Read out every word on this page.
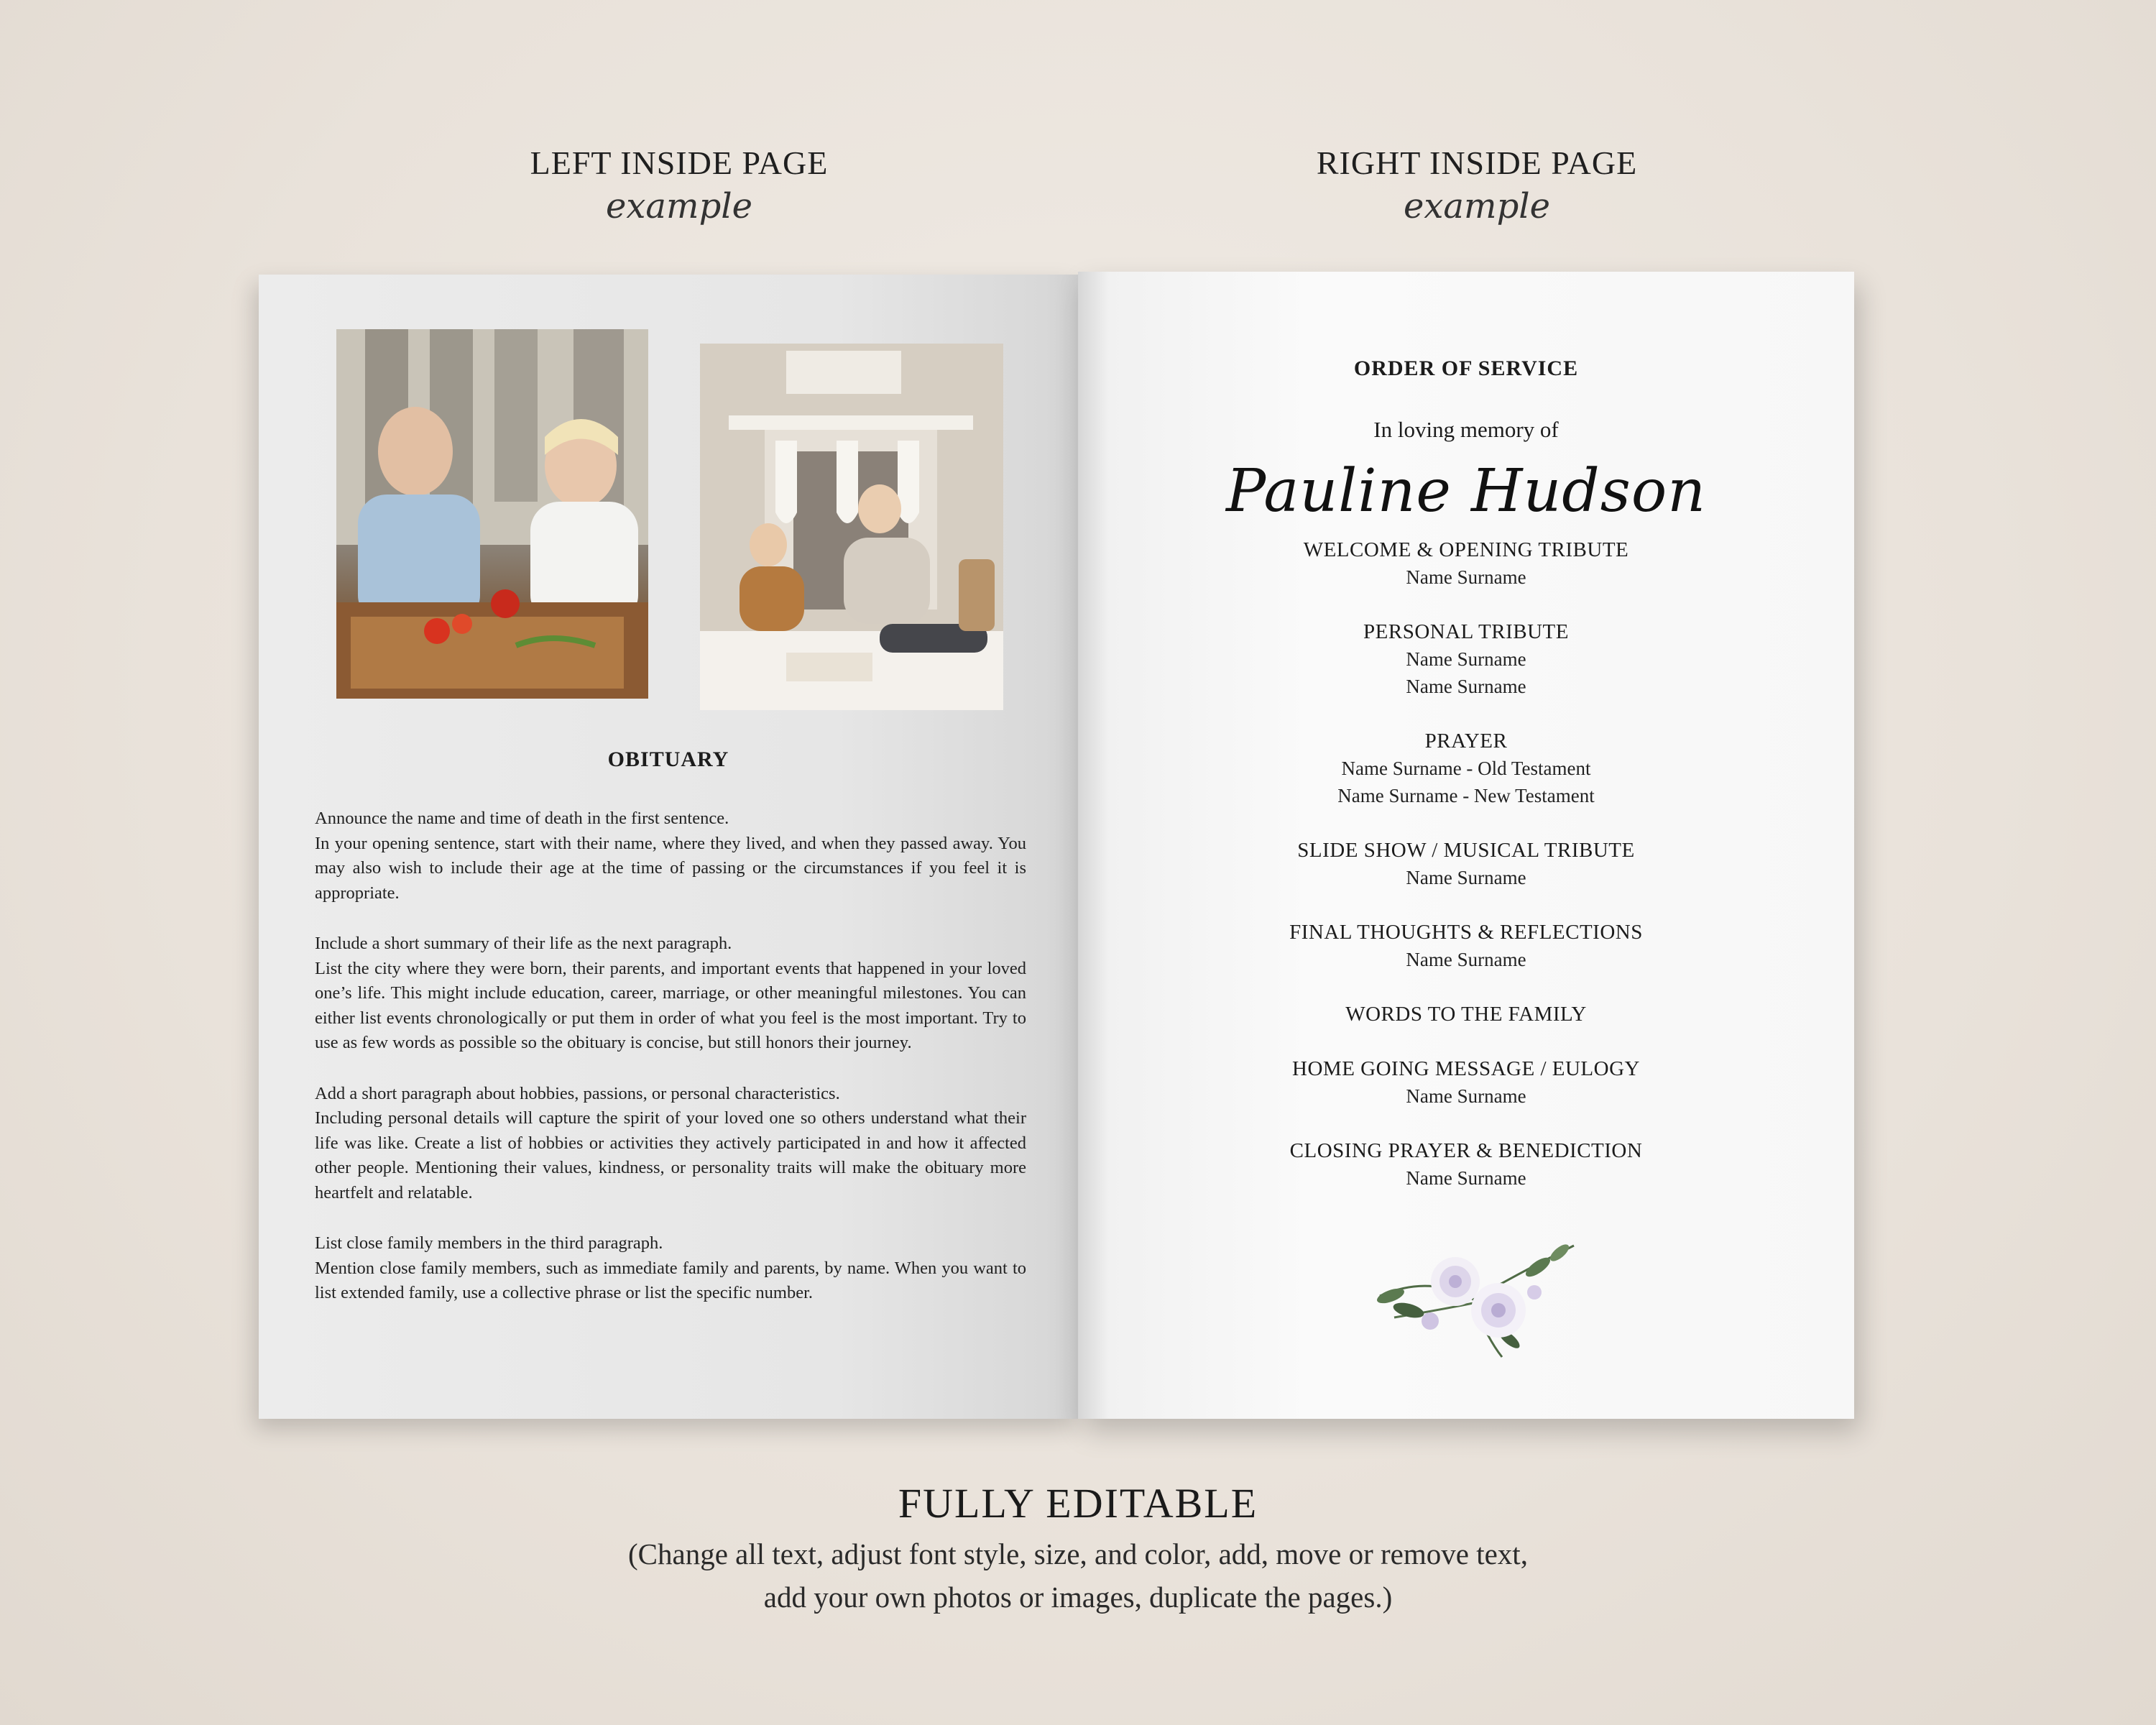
LEFT INSIDE PAGE
example
RIGHT INSIDE PAGE
example
OBITUARY

Announce the name and time of death in the first sentence.
In your opening sentence, start with their name, where they lived, and when they passed away. You may also wish to include their age at the time of passing or the circumstances if you feel it is appropriate.

Include a short summary of their life as the next paragraph.
List the city where they were born, their parents, and important events that happened in your loved one’s life. This might include education, career, marriage, or other meaningful milestones. You can either list events chronologically or put them in order of what you feel is the most important. Try to use as few words as possible so the obituary is concise, but still honors their journey.

Add a short paragraph about hobbies, passions, or personal characteristics.
Including personal details will capture the spirit of your loved one so others understand what their life was like. Create a list of hobbies or activities they actively participated in and how it affected other people. Mentioning their values, kindness, or personality traits will make the obituary more heartfelt and relatable.

List close family members in the third paragraph.
Mention close family members, such as immediate family and parents, by name. When you want to list extended family, use a collective phrase or list the specific number.

ORDER OF SERVICE
In loving memory of
Pauline Hudson
WELCOME & OPENING TRIBUTE
Name Surname
PERSONAL TRIBUTE
Name Surname
Name Surname
PRAYER
Name Surname - Old Testament
Name Surname - New Testament
SLIDE SHOW / MUSICAL TRIBUTE
Name Surname
FINAL THOUGHTS & REFLECTIONS
Name Surname
WORDS TO THE FAMILY
HOME GOING MESSAGE / EULOGY
Name Surname
CLOSING PRAYER & BENEDICTION
Name Surname
FULLY EDITABLE
(Change all text, adjust font style, size, and color, add, move or remove text,
add your own photos or images, duplicate the pages.)
